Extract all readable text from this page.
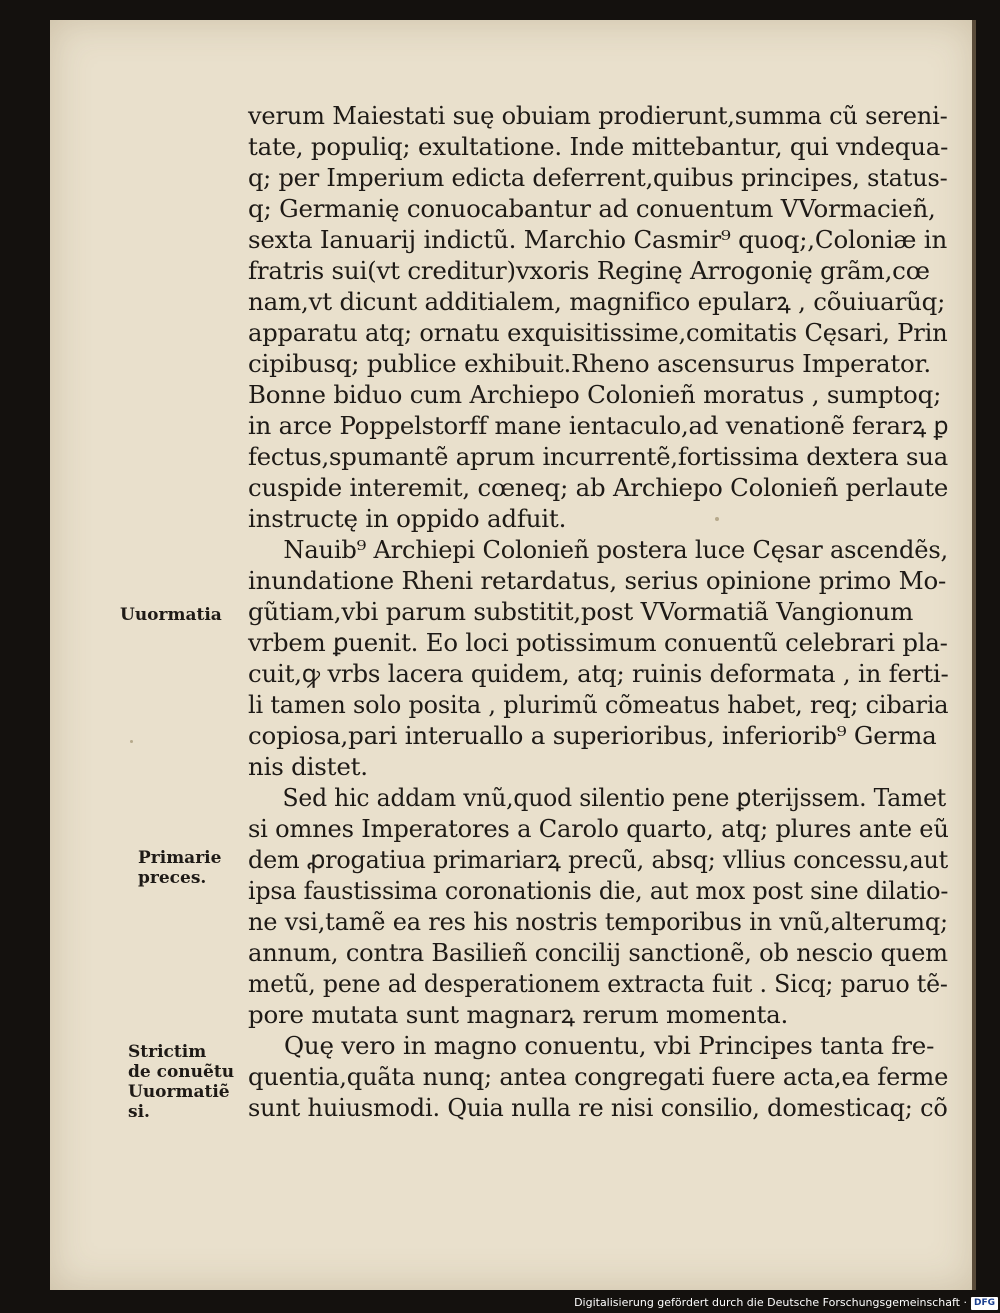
verum Maiestati suę obuiam prodierunt,summa cũ sereni-
tate, populiq; exultatione. Inde mittebantur, qui vndequa-
q; per Imperium edicta deferrent,quibus principes, status-
q; Germanię conuocabantur ad conuentum VVormacieñ,
sexta Ianuarij indictũ. Marchio Casmir⁹ quoq;,Coloniæ in
fratris sui(vt creditur)vxoris Reginę Arrogonię grãm,cœ
nam,vt dicunt additialem, magnifico epularꝝ , cõuiuarũq;
apparatu atq; ornatu exquisitissime,comitatis Cęsari, Prin
cipibusq; publice exhibuit.Rheno ascensurus Imperator.
Bonne biduo cum Archiepo Colonieñ moratus , sumptoq;
in arce Poppelstorff mane ientaculo,ad venationẽ ferarꝝ ꝑ
fectus,spumantẽ aprum incurrentẽ,fortissima dextera sua
cuspide interemit, cœneq; ab Archiepo Colonieñ perlaute
instructę in oppido adfuit.
Nauib⁹ Archiepi Colonieñ postera luce Cęsar ascendẽs,
inundatione Rheni retardatus, serius opinione primo Mo-
gũtiam,vbi parum substitit,post VVormatiã Vangionum
vrbem ꝑuenit. Eo loci potissimum conuentũ celebrari pla-
cuit,ꝙ vrbs lacera quidem, atq; ruinis deformata , in ferti-
li tamen solo posita , plurimũ cõmeatus habet, req; cibaria
copiosa,pari interuallo a superioribus, inferiorib⁹ Germa
nis distet.
Sed hic addam vnũ,quod silentio pene ꝑterijssem. Tamet
si omnes Imperatores a Carolo quarto, atq; plures ante eũ
dem ꝓrogatiua primariarꝝ precũ, absq; vllius concessu,aut
ipsa faustissima coronationis die, aut mox post sine dilatio-
ne vsi,tamẽ ea res his nostris temporibus in vnũ,alterumq;
annum, contra Basilieñ concilij sanctionẽ, ob nescio quem
metũ, pene ad desperationem extracta fuit . Sicq; paruo tẽ-
pore mutata sunt magnarꝝ rerum momenta.
Quę vero in magno conuentu, vbi Principes tanta fre-
quentia,quãta nunq; antea congregati fuere acta,ea ferme
sunt huiusmodi. Quia nulla re nisi consilio, domesticaq; cõ
Uuormatia
Primarie
preces.
Strictim
de conuẽtu
Uuormatiẽ
si.
Digitalisierung gefördert durch die Deutsche Forschungsgemeinschaft · DFG
